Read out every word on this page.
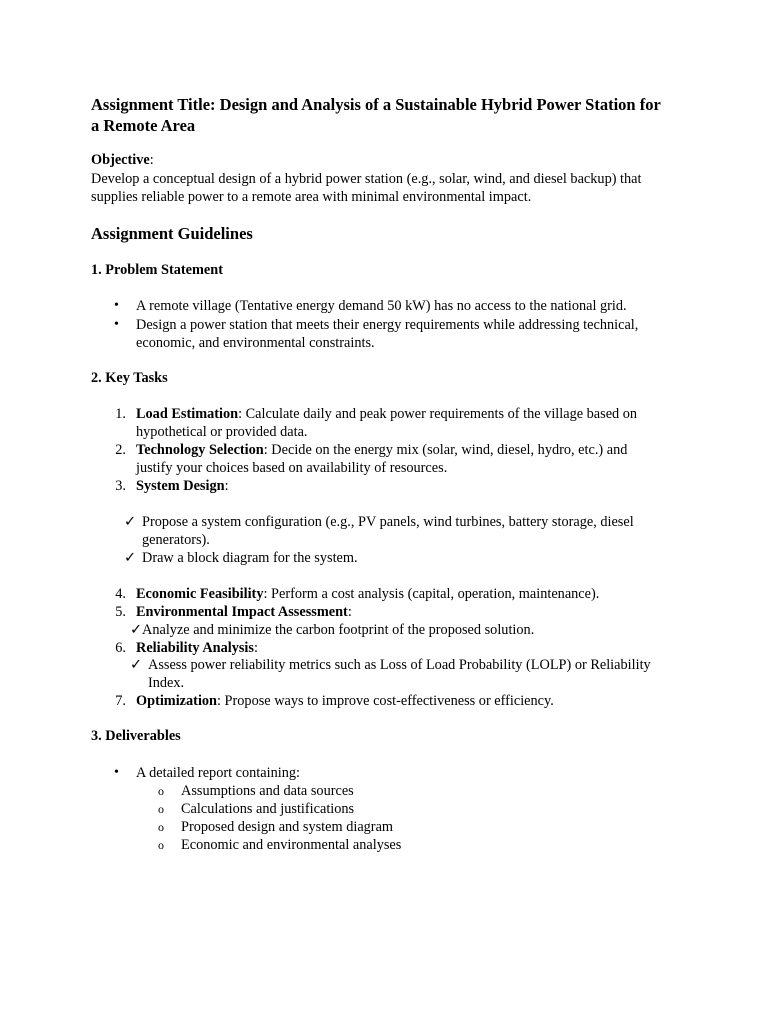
Assignment Title: Design and Analysis of a Sustainable Hybrid Power Station for
a Remote Area
Objective:
Develop a conceptual design of a hybrid power station (e.g., solar, wind, and diesel backup) that
supplies reliable power to a remote area with minimal environmental impact.
Assignment Guidelines
1. Problem Statement
• A remote village (Tentative energy demand 50 kW) has no access to the national grid.
• Design a power station that meets their energy requirements while addressing technical,
economic, and environmental constraints.
2. Key Tasks
1. Load Estimation: Calculate daily and peak power requirements of the village based on
hypothetical or provided data.
2. Technology Selection: Decide on the energy mix (solar, wind, diesel, hydro, etc.) and
justify your choices based on availability of resources.
3. System Design:
✓ Propose a system configuration (e.g., PV panels, wind turbines, battery storage, diesel
generators).
✓ Draw a block diagram for the system.
4. Economic Feasibility: Perform a cost analysis (capital, operation, maintenance).
5. Environmental Impact Assessment:
✓ Analyze and minimize the carbon footprint of the proposed solution.
6. Reliability Analysis:
✓ Assess power reliability metrics such as Loss of Load Probability (LOLP) or Reliability
Index.
7. Optimization: Propose ways to improve cost-effectiveness or efficiency.
3. Deliverables
• A detailed report containing:
o Assumptions and data sources
o Calculations and justifications
o Proposed design and system diagram
o Economic and environmental analyses
